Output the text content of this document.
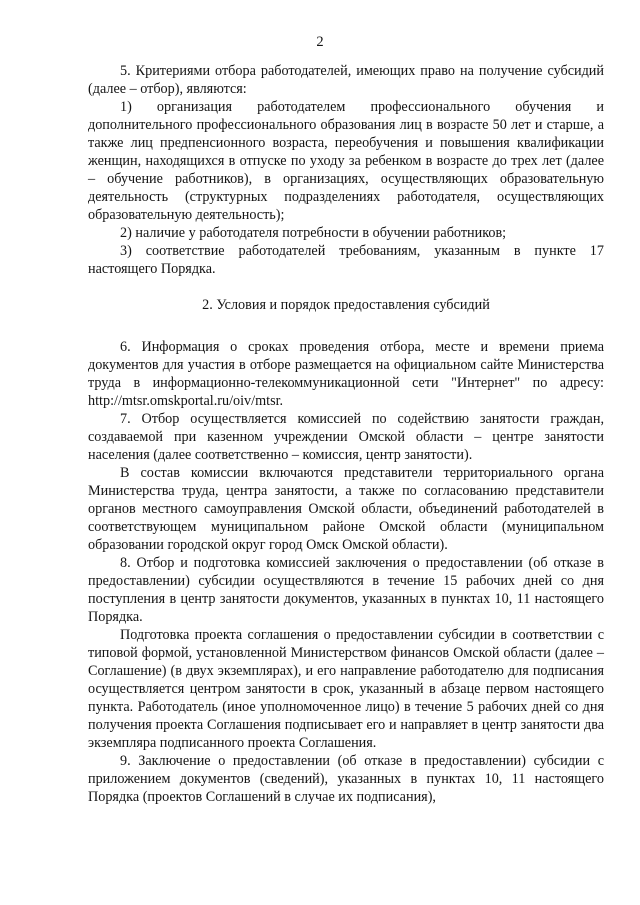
2

5. Критериями отбора работодателей, имеющих право на получение субсидий (далее – отбор), являются:

1) организация работодателем профессионального обучения и дополнительного профессионального образования лиц в возрасте 50 лет и старше, а также лиц предпенсионного возраста, переобучения и повышения квалификации женщин, находящихся в отпуске по уходу за ребенком в возрасте до трех лет (далее – обучение работников), в организациях, осуществляющих образовательную деятельность (структурных подразделениях работодателя, осуществляющих образовательную деятельность);

2) наличие у работодателя потребности в обучении работников;

3) соответствие работодателей требованиям, указанным в пункте 17 настоящего Порядка.

2. Условия и порядок предоставления субсидий

6. Информация о сроках проведения отбора, месте и времени приема документов для участия в отборе размещается на официальном сайте Министерства труда в информационно-телекоммуникационной сети "Интернет" по адресу: http://mtsr.omskportal.ru/oiv/mtsr.

7. Отбор осуществляется комиссией по содействию занятости граждан, создаваемой при казенном учреждении Омской области – центре занятости населения (далее соответственно – комиссия, центр занятости).

В состав комиссии включаются представители территориального органа Министерства труда, центра занятости, а также по согласованию представители органов местного самоуправления Омской области, объединений работодателей в соответствующем муниципальном районе Омской области (муниципальном образовании городской округ город Омск Омской области).

8. Отбор и подготовка комиссией заключения о предоставлении (об отказе в предоставлении) субсидии осуществляются в течение 15 рабочих дней со дня поступления в центр занятости документов, указанных в пунктах 10, 11 настоящего Порядка.

Подготовка проекта соглашения о предоставлении субсидии в соответствии с типовой формой, установленной Министерством финансов Омской области (далее – Соглашение) (в двух экземплярах), и его направление работодателю для подписания осуществляется центром занятости в срок, указанный в абзаце первом настоящего пункта. Работодатель (иное уполномоченное лицо) в течение 5 рабочих дней со дня получения проекта Соглашения подписывает его и направляет в центр занятости два экземпляра подписанного проекта Соглашения.

9. Заключение о предоставлении (об отказе в предоставлении) субсидии с приложением документов (сведений), указанных в пунктах 10, 11 настоящего Порядка (проектов Соглашений в случае их подписания),
